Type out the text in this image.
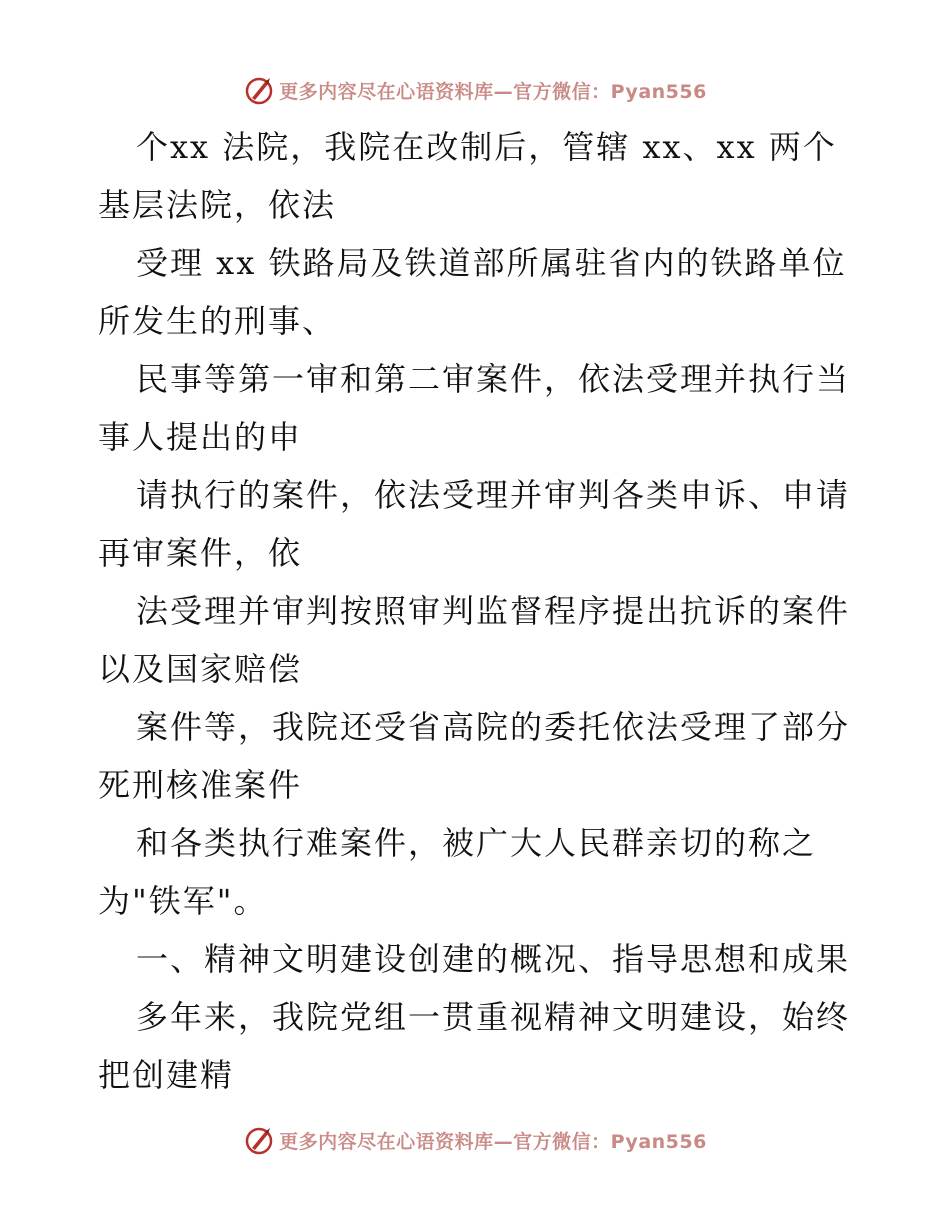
更多内容尽在心语资料库—官方微信：Pyan556

个xx 法院，我院在改制后，管辖 xx、xx 两个基层法院，依法

受理 xx 铁路局及铁道部所属驻省内的铁路单位所发生的刑事、

民事等第一审和第二审案件，依法受理并执行当事人提出的申

请执行的案件，依法受理并审判各类申诉、申请再审案件，依

法受理并审判按照审判监督程序提出抗诉的案件以及国家赔偿

案件等，我院还受省高院的委托依法受理了部分死刑核准案件

和各类执行难案件，被广大人民群亲切的称之为"铁军"。

一、精神文明建设创建的概况、指导思想和成果

多年来，我院党组一贯重视精神文明建设，始终把创建精

更多内容尽在心语资料库—官方微信：Pyan556
